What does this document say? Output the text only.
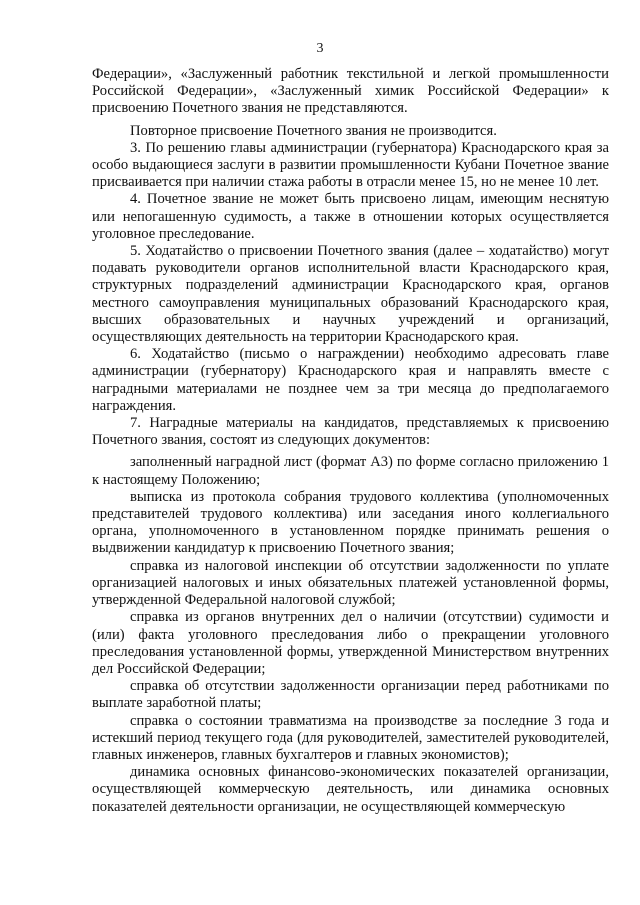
3

Федерации», «Заслуженный работник текстильной и легкой промышленности Российской Федерации», «Заслуженный химик Российской Федерации» к присвоению Почетного звания не представляются.

Повторное присвоение Почетного звания не производится.

3. По решению главы администрации (губернатора) Краснодарского края за особо выдающиеся заслуги в развитии промышленности Кубани Почетное звание присваивается при наличии стажа работы в отрасли менее 15, но не менее 10 лет.

4. Почетное звание не может быть присвоено лицам, имеющим неснятую или непогашенную судимость, а также в отношении которых осуществляется уголовное преследование.

5. Ходатайство о присвоении Почетного звания (далее – ходатайство) могут подавать руководители органов исполнительной власти Краснодарского края, структурных подразделений администрации Краснодарского края, органов местного самоуправления муниципальных образований Краснодарского края, высших образовательных и научных учреждений и организаций, осуществляющих деятельность на территории Краснодарского края.

6. Ходатайство (письмо о награждении) необходимо адресовать главе администрации (губернатору) Краснодарского края и направлять вместе с наградными материалами не позднее чем за три месяца до предполагаемого награждения.

7. Наградные материалы на кандидатов, представляемых к присвоению Почетного звания, состоят из следующих документов:

заполненный наградной лист (формат А3) по форме согласно приложению 1 к настоящему Положению;

выписка из протокола собрания трудового коллектива (уполномоченных представителей трудового коллектива) или заседания иного коллегиального органа, уполномоченного в установленном порядке принимать решения о выдвижении кандидатур к присвоению Почетного звания;

справка из налоговой инспекции об отсутствии задолженности по уплате организацией налоговых и иных обязательных платежей установленной формы, утвержденной Федеральной налоговой службой;

справка из органов внутренних дел о наличии (отсутствии) судимости и (или) факта уголовного преследования либо о прекращении уголовного преследования установленной формы, утвержденной Министерством внутренних дел Российской Федерации;

справка об отсутствии задолженности организации перед работниками по выплате заработной платы;

справка о состоянии травматизма на производстве за последние 3 года и истекший период текущего года (для руководителей, заместителей руководителей, главных инженеров, главных бухгалтеров и главных экономистов);

динамика основных финансово-экономических показателей организации, осуществляющей коммерческую деятельность, или динамика основных показателей деятельности организации, не осуществляющей коммерческую
